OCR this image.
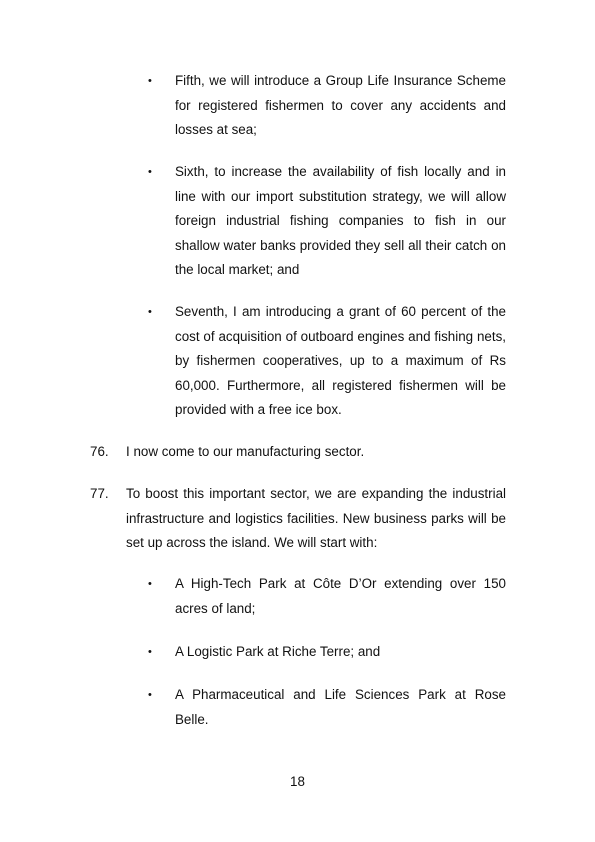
•	Fifth, we will introduce a Group Life Insurance Scheme for registered fishermen to cover any accidents and losses at sea;
•	Sixth, to increase the availability of fish locally and in line with our import substitution strategy, we will allow foreign industrial fishing companies to fish in our shallow water banks provided they sell all their catch on the local market; and
•	Seventh, I am introducing a grant of 60 percent of the cost of acquisition of outboard engines and fishing nets, by fishermen cooperatives, up to a maximum of Rs 60,000. Furthermore, all registered fishermen will be provided with a free ice box.
76. I now come to our manufacturing sector.
77. To boost this important sector, we are expanding the industrial infrastructure and logistics facilities. New business parks will be set up across the island. We will start with:
•	A High-Tech Park at Côte D’Or extending over 150 acres of land;
•	A Logistic Park at Riche Terre; and
•	A Pharmaceutical and Life Sciences Park at Rose Belle.
18
